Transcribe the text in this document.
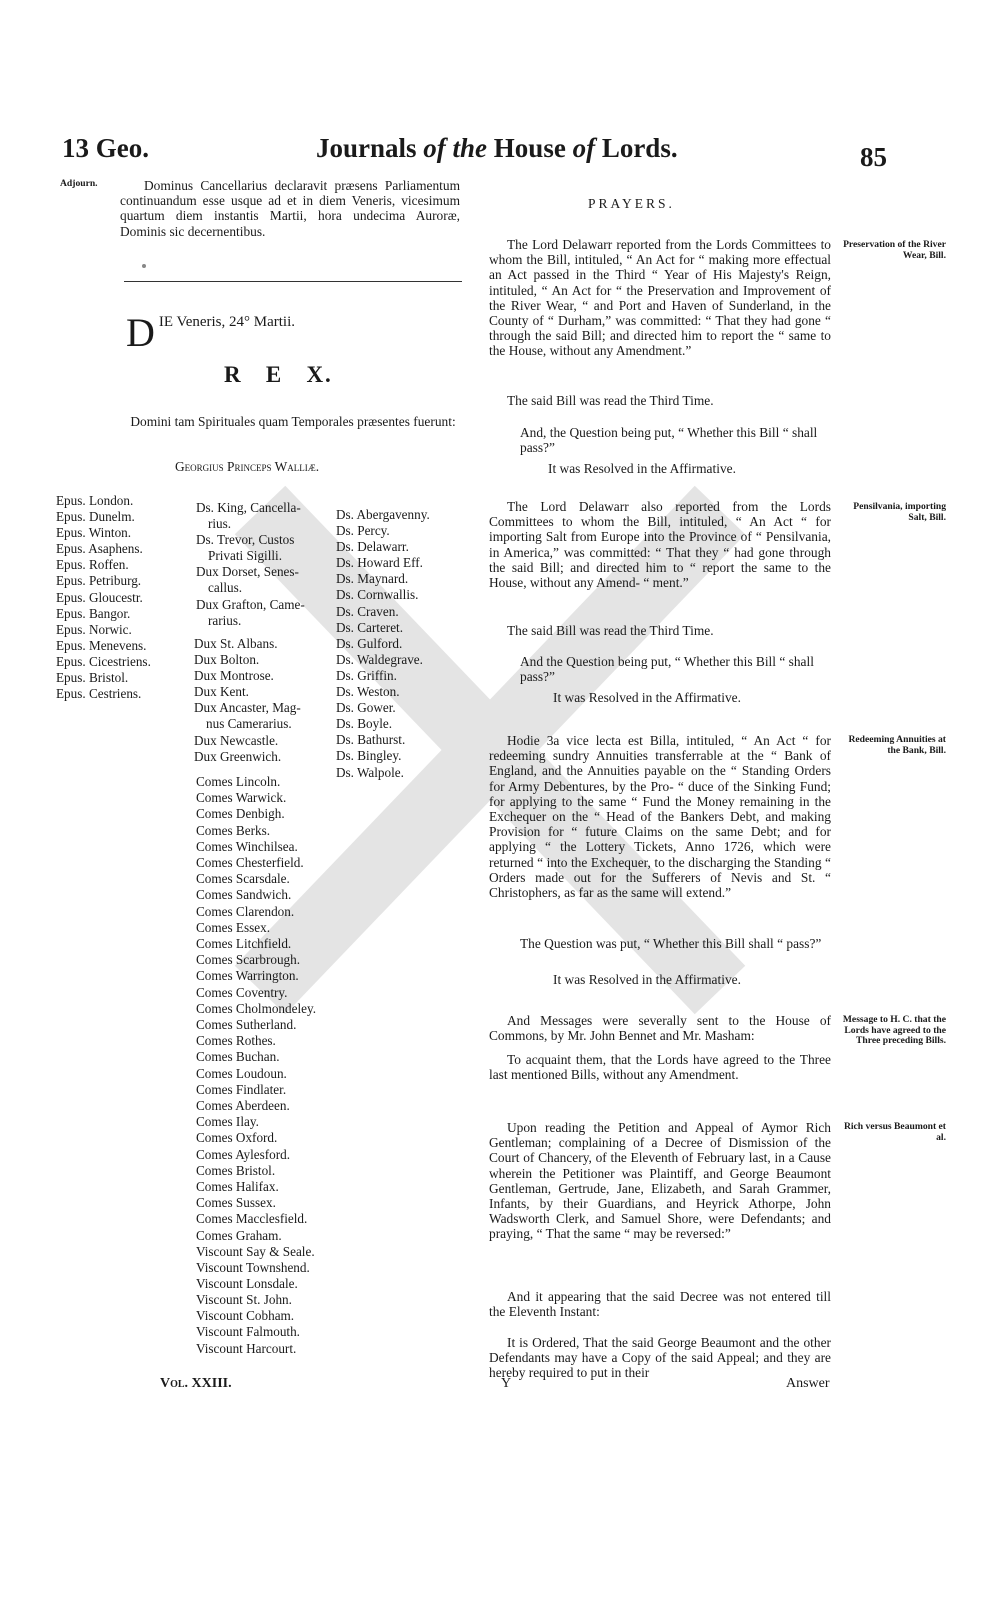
13 Geo.	Journals of the House of Lords.	85
Adjourn.	Dominus Cancellarius declaravit præsens Parliamentum continuandum esse usque ad et in diem Veneris, vicesimum quartum diem instantis Martii, hora undecima Auroræ, Dominis sic decernentibus.

D IE Veneris, 24° Martii.
R   E   X.

Domini tam Spirituales quam Temporales præsentes fuerunt:

Georgius Princeps Walliæ.
Epus. London.
Epus. Dunelm.
Epus. Winton.
Epus. Asaphens.
Epus. Roffen.
Epus. Petriburg.
Epus. Gloucestr.
Epus. Bangor.
Epus. Norwic.
Epus. Menevens.
Epus. Cicestriens.
Epus. Bristol.
Epus. Cestriens.
Ds. King, Cancella-
rius.
Ds. Trevor, Custos
Privati Sigilli.
Dux Dorset, Senes-
callus.
Dux Grafton, Came-
rarius.
Dux St. Albans.
Dux Bolton.
Dux Montrose.
Dux Kent.
Dux Ancaster, Mag-
nus Camerarius.
Dux Newcastle.
Dux Greenwich.
Comes Lincoln.
Comes Warwick.
Comes Denbigh.
Comes Berks.
Comes Winchilsea.
Comes Chesterfield.
Comes Scarsdale.
Comes Sandwich.
Comes Clarendon.
Comes Essex.
Comes Litchfield.
Comes Scarbrough.
Comes Warrington.
Comes Coventry.
Comes Cholmondeley.
Comes Sutherland.
Comes Rothes.
Comes Buchan.
Comes Loudoun.
Comes Findlater.
Comes Aberdeen.
Comes Ilay.
Comes Oxford.
Comes Aylesford.
Comes Bristol.
Comes Halifax.
Comes Sussex.
Comes Macclesfield.
Comes Graham.
Viscount Say & Seale.
Viscount Townshend.
Viscount Lonsdale.
Viscount St. John.
Viscount Cobham.
Viscount Falmouth.
Viscount Harcourt.
Ds. Abergavenny.
Ds. Percy.
Ds. Delawarr.
Ds. Howard Eff.
Ds. Maynard.
Ds. Cornwallis.
Ds. Craven.
Ds. Carteret.
Ds. Gulford.
Ds. Waldegrave.
Ds. Griffin.
Ds. Weston.
Ds. Gower.
Ds. Boyle.
Ds. Bathurst.
Ds. Bingley.
Ds. Walpole.
Vol. XXIII.
PRAYERS.
Preservation of the River Wear, Bill.

The Lord Delawarr reported from the Lords Committees to whom the Bill, intituled, “ An Act for “ making more effectual an Act passed in the Third “ Year of His Majesty's Reign, intituled, “ An Act for “ the Preservation and Improvement of the River Wear, “ and Port and Haven of Sunderland, in the County of “ Durham,” was committed: “ That they had gone “ through the said Bill; and directed him to report the “ same to the House, without any Amendment.”

The said Bill was read the Third Time.

And, the Question being put, “ Whether this Bill “ shall pass?”

It was Resolved in the Affirmative.

Pensilvania, importing Salt, Bill.

The Lord Delawarr also reported from the Lords Committees to whom the Bill, intituled, “ An Act “ for importing Salt from Europe into the Province of “ Pensilvania, in America,” was committed: “ That they “ had gone through the said Bill; and directed him to “ report the same to the House, without any Amend- “ ment.”

The said Bill was read the Third Time.

And the Question being put, “ Whether this Bill “ shall pass?”

It was Resolved in the Affirmative.

Redeeming Annuities at the Bank, Bill.

Hodie 3a vice lecta est Billa, intituled, “ An Act “ for redeeming sundry Annuities transferrable at the “ Bank of England, and the Annuities payable on the “ Standing Orders for Army Debentures, by the Pro- “ duce of the Sinking Fund; for applying to the same “ Fund the Money remaining in the Exchequer on the “ Head of the Bankers Debt, and making Provision for “ future Claims on the same Debt; and for applying “ the Lottery Tickets, Anno 1726, which were returned “ into the Exchequer, to the discharging the Standing “ Orders made out for the Sufferers of Nevis and St. “ Christophers, as far as the same will extend.”

The Question was put, “ Whether this Bill shall “ pass?”

It was Resolved in the Affirmative.

Message to H. C. that the Lords have agreed to the Three preceding Bills.

And Messages were severally sent to the House of Commons, by Mr. John Bennet and Mr. Masham:

To acquaint them, that the Lords have agreed to the Three last mentioned Bills, without any Amendment.

Rich versus Beaumont et al.

Upon reading the Petition and Appeal of Aymor Rich Gentleman; complaining of a Decree of Dismission of the Court of Chancery, of the Eleventh of February last, in a Cause wherein the Petitioner was Plaintiff, and George Beaumont Gentleman, Gertrude, Jane, Elizabeth, and Sarah Grammer, Infants, by their Guardians, and Heyrick Athorpe, John Wadsworth Clerk, and Samuel Shore, were Defendants; and praying, “ That the same “ may be reversed:”

And it appearing that the said Decree was not entered till the Eleventh Instant:

It is Ordered, That the said George Beaumont and the other Defendants may have a Copy of the said Appeal; and they are hereby required to put in their

Y	Answer
